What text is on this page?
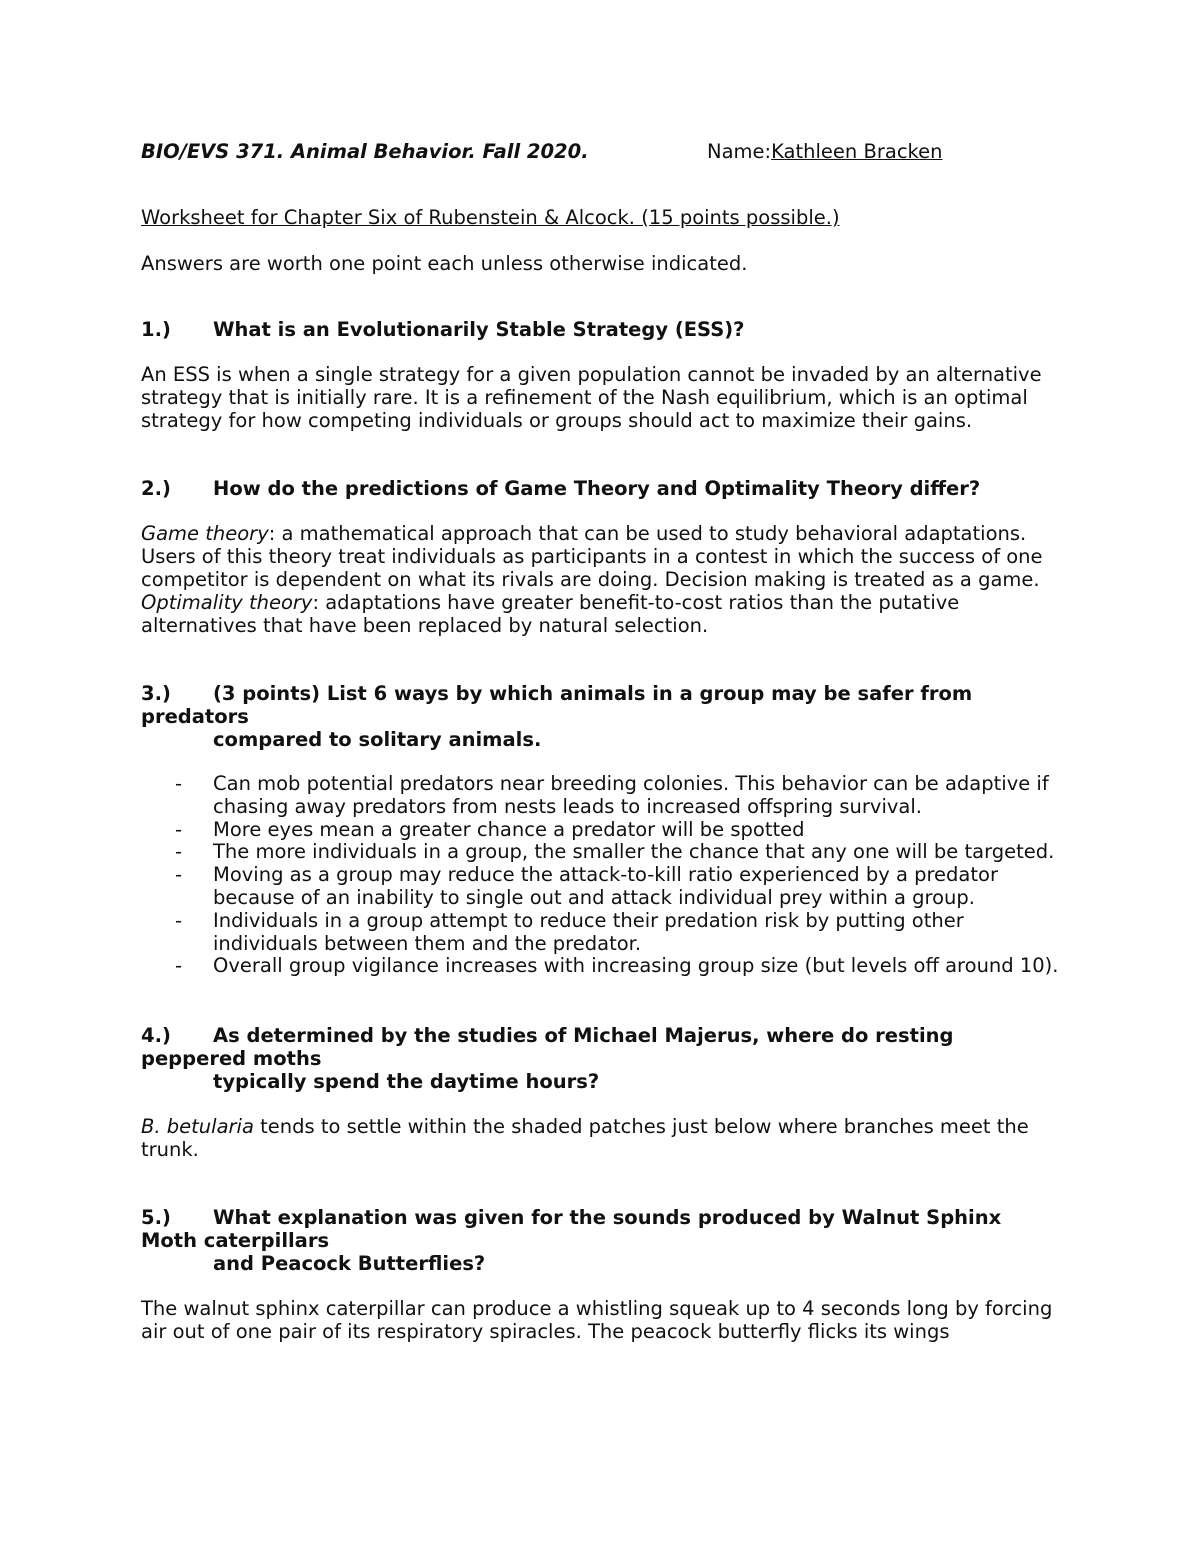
BIO/EVS 371. Animal Behavior. Fall 2020.	Name: Kathleen Bracken
Worksheet for Chapter Six of Rubenstein & Alcock. (15 points possible.)
Answers are worth one point each unless otherwise indicated.
1.)	What is an Evolutionarily Stable Strategy (ESS)?

An ESS is when a single strategy for a given population cannot be invaded by an alternative strategy that is initially rare. It is a refinement of the Nash equilibrium, which is an optimal strategy for how competing individuals or groups should act to maximize their gains.

2.)	How do the predictions of Game Theory and Optimality Theory differ?

Game theory: a mathematical approach that can be used to study behavioral adaptations. Users of this theory treat individuals as participants in a contest in which the success of one competitor is dependent on what its rivals are doing. Decision making is treated as a game.

Optimality theory: adaptations have greater benefit-to-cost ratios than the putative alternatives that have been replaced by natural selection.

3.)	(3 points) List 6 ways by which animals in a group may be safer from
predators
compared to solitary animals.
-	Can mob potential predators near breeding colonies. This behavior can be adaptive if chasing away predators from nests leads to increased offspring survival.
-	More eyes mean a greater chance a predator will be spotted
-	The more individuals in a group, the smaller the chance that any one will be targeted.
-	Moving as a group may reduce the attack-to-kill ratio experienced by a predator because of an inability to single out and attack individual prey within a group.
-	Individuals in a group attempt to reduce their predation risk by putting other individuals between them and the predator.
-	Overall group vigilance increases with increasing group size (but levels off around 10).
4.)	As determined by the studies of Michael Majerus, where do resting
peppered moths
typically spend the daytime hours?

B. betularia tends to settle within the shaded patches just below where branches meet the trunk.

5.)	What explanation was given for the sounds produced by Walnut Sphinx
Moth caterpillars
and Peacock Butterflies?

The walnut sphinx caterpillar can produce a whistling squeak up to 4 seconds long by forcing air out of one pair of its respiratory spiracles. The peacock butterfly flicks its wings
